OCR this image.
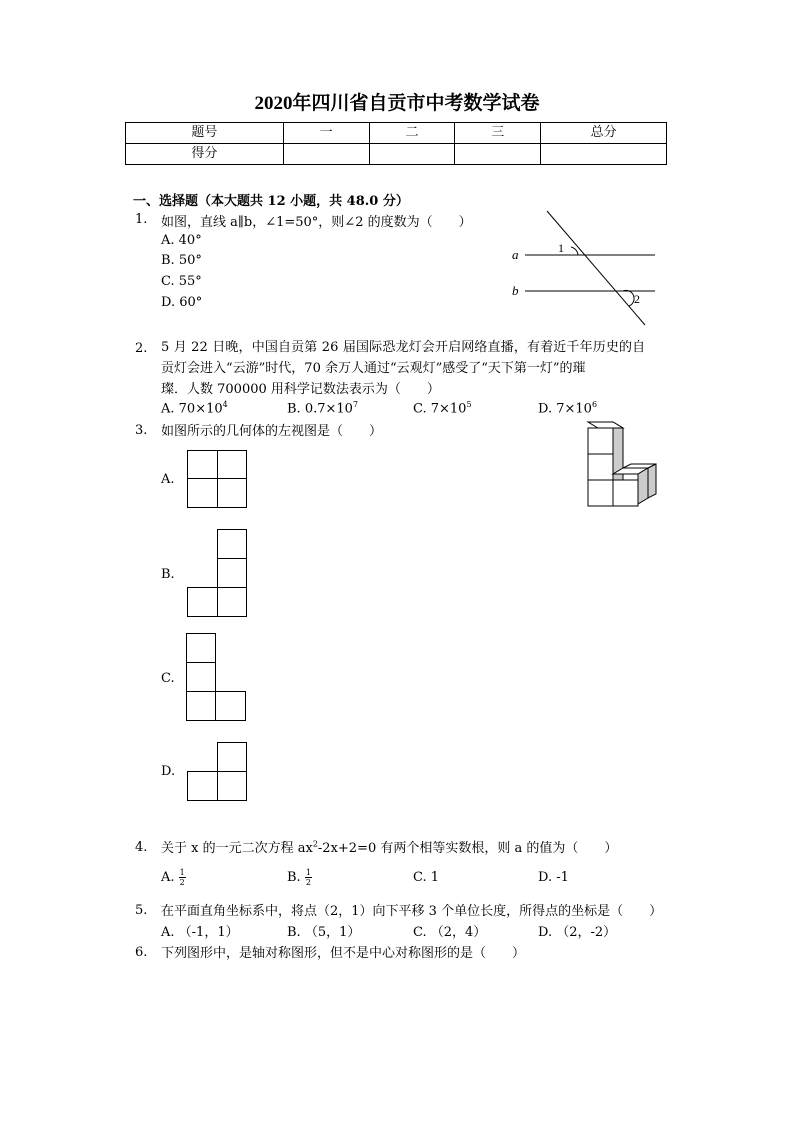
2020年四川省自贡市中考数学试卷
题号	一	二	三	总分
得分				
一、选择题（本大题共 12 小题，共 48.0 分）
1. 如图，直线 a∥b，∠1=50°，则∠2 的度数为（　　）
A. 40°
B. 50°
C. 55°
D. 60°
a
b
1
2
2. 5 月 22 日晚，中国自贡第 26 届国际恐龙灯会开启网络直播，有着近千年历史的自
贡灯会进入“云游”时代，70 余万人通过“云观灯”感受了“天下第一灯”的璀
璨．人数 700000 用科学记数法表示为（　　）
A. $70\times 10^4$	B. $0.7\times 10^7$	C. $7\times 10^5$	D. $7\times 10^6$
3. 如图所示的几何体的左视图是（　　）
A.
B.
C.
D.
4. 关于 x 的一元二次方程 $ax^2-2x+2=0$ 有两个相等实数根，则 a 的值为（　　）
A. $\frac{1}{2}$	B. $\frac{1}{2}$	C. 1	D. -1
5. 在平面直角坐标系中，将点（2，1）向下平移 3 个单位长度，所得点的坐标是（　　）
A. （-1，1）	B. （5，1）	C. （2，4）	D. （2，-2）
6. 下列图形中，是轴对称图形，但不是中心对称图形的是（　　）
